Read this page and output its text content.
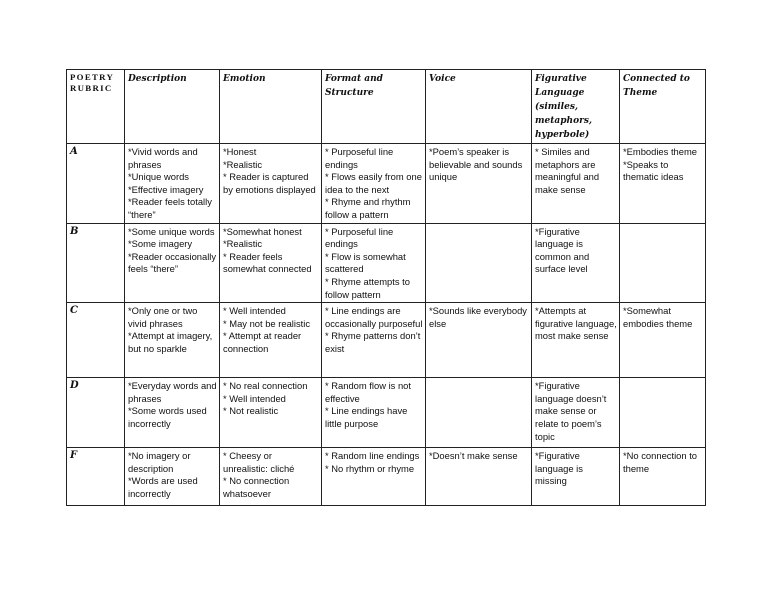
POETRY RUBRIC	Description	Emotion	Format and Structure	Voice	Figurative Language (similes, metaphors, hyperbole)	Connected to Theme
A	*Vivid words and phrases
*Unique words
*Effective imagery
*Reader feels totally “there”	*Honest
*Realistic
* Reader is captured by emotions displayed	* Purposeful line endings
* Flows easily from one idea to the next
* Rhyme and rhythm follow a pattern	*Poem’s speaker is believable and sounds unique	* Similes and metaphors are meaningful and make sense	*Embodies theme
*Speaks to thematic ideas

B	*Some unique words
*Some imagery
*Reader occasionally feels “there”	*Somewhat honest
*Realistic
* Reader feels somewhat connected	* Purposeful line endings
* Flow is somewhat scattered
* Rhyme attempts to follow pattern		*Figurative language is common and surface level	

C	*Only one or two vivid phrases
*Attempt at imagery, but no sparkle	* Well intended
* May not be realistic
* Attempt at reader connection	* Line endings are occasionally purposeful
* Rhyme patterns don’t exist	*Sounds like everybody else	*Attempts at figurative language, most make sense	*Somewhat embodies theme

D	*Everyday words and phrases
*Some words used incorrectly	* No real connection
* Well intended
* Not realistic	* Random flow is not effective
* Line endings have little purpose		*Figurative language doesn’t make sense or relate to poem’s topic	

F	*No imagery or description
*Words are used incorrectly	* Cheesy or unrealistic: cliché
* No connection whatsoever	* Random line endings
* No rhythm or rhyme	*Doesn’t make sense	*Figurative language is missing	*No connection to theme
